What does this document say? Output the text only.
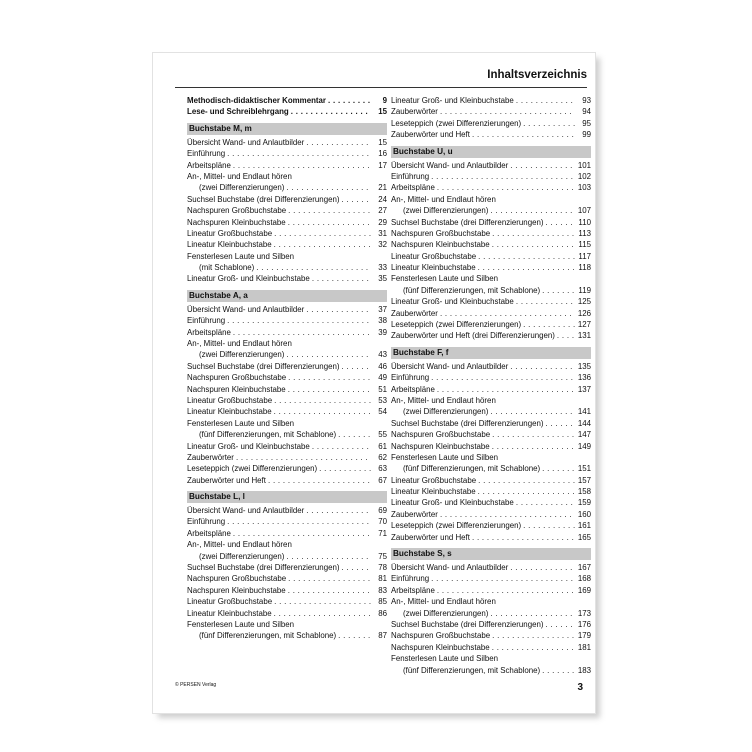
Inhaltsverzeichnis
Methodisch-didaktischer Kommentar . . .	9
Lese- und Schreiblehrgang . . .	15
Buchstabe M, m
Übersicht Wand- und Anlautbilder . . .	15
Einführung . . .	16
Arbeitspläne . . .	17
An-, Mittel- und Endlaut hören
(zwei Differenzierungen) . . .	21
Suchsel Buchstabe (drei Differenzierungen) . . .	24
Nachspuren Großbuchstabe . . .	27
Nachspuren Kleinbuchstabe . . .	29
Lineatur Großbuchstabe . . .	31
Lineatur Kleinbuchstabe . . .	32
Fensterlesen Laute und Silben
(mit Schablone) . . .	33
Lineatur Groß- und Kleinbuchstabe . . .	35
Buchstabe A, a
Übersicht Wand- und Anlautbilder . . .	37
Einführung . . .	38
Arbeitspläne . . .	39
An-, Mittel- und Endlaut hören
(zwei Differenzierungen) . . .	43
Suchsel Buchstabe (drei Differenzierungen) . . .	46
Nachspuren Großbuchstabe . . .	49
Nachspuren Kleinbuchstabe . . .	51
Lineatur Großbuchstabe . . .	53
Lineatur Kleinbuchstabe . . .	54
Fensterlesen Laute und Silben
(fünf Differenzierungen, mit Schablone) . . .	55
Lineatur Groß- und Kleinbuchstabe . . .	61
Zauberwörter . . .	62
Leseteppich (zwei Differenzierungen) . . .	63
Zauberwörter und Heft . . .	67
Buchstabe L, l
Übersicht Wand- und Anlautbilder . . .	69
Einführung . . .	70
Arbeitspläne . . .	71
An-, Mittel- und Endlaut hören
(zwei Differenzierungen) . . .	75
Suchsel Buchstabe (drei Differenzierungen) . . .	78
Nachspuren Großbuchstabe . . .	81
Nachspuren Kleinbuchstabe . . .	83
Lineatur Großbuchstabe . . .	85
Lineatur Kleinbuchstabe . . .	86
Fensterlesen Laute und Silben
(fünf Differenzierungen, mit Schablone) . . .	87
Lineatur Groß- und Kleinbuchstabe . . .	93
Zauberwörter . . .	94
Leseteppich (zwei Differenzierungen) . . .	95
Zauberwörter und Heft . . .	99
Buchstabe U, u
Übersicht Wand- und Anlautbilder . . .	101
Einführung . . .	102
Arbeitspläne . . .	103
An-, Mittel- und Endlaut hören
(zwei Differenzierungen) . . .	107
Suchsel Buchstabe (drei Differenzierungen) . . .	110
Nachspuren Großbuchstabe . . .	113
Nachspuren Kleinbuchstabe . . .	115
Lineatur Großbuchstabe . . .	117
Lineatur Kleinbuchstabe . . .	118
Fensterlesen Laute und Silben
(fünf Differenzierungen, mit Schablone) . . .	119
Lineatur Groß- und Kleinbuchstabe . . .	125
Zauberwörter . . .	126
Leseteppich (zwei Differenzierungen) . . .	127
Zauberwörter und Heft (drei Differenzierungen) . . .	131
Buchstabe F, f
Übersicht Wand- und Anlautbilder . . .	135
Einführung . . .	136
Arbeitspläne . . .	137
An-, Mittel- und Endlaut hören
(zwei Differenzierungen) . . .	141
Suchsel Buchstabe (drei Differenzierungen) . . .	144
Nachspuren Großbuchstabe . . .	147
Nachspuren Kleinbuchstabe . . .	149
Fensterlesen Laute und Silben
(fünf Differenzierungen, mit Schablone) . . .	151
Lineatur Großbuchstabe . . .	157
Lineatur Kleinbuchstabe . . .	158
Lineatur Groß- und Kleinbuchstabe . . .	159
Zauberwörter . . .	160
Leseteppich (zwei Differenzierungen) . . .	161
Zauberwörter und Heft . . .	165
Buchstabe S, s
Übersicht Wand- und Anlautbilder . . .	167
Einführung . . .	168
Arbeitspläne . . .	169
An-, Mittel- und Endlaut hören
(zwei Differenzierungen) . . .	173
Suchsel Buchstabe (drei Differenzierungen) . . .	176
Nachspuren Großbuchstabe . . .	179
Nachspuren Kleinbuchstabe . . .	181
Fensterlesen Laute und Silben
(fünf Differenzierungen, mit Schablone) . . .	183
© PERSEN Verlag	3
